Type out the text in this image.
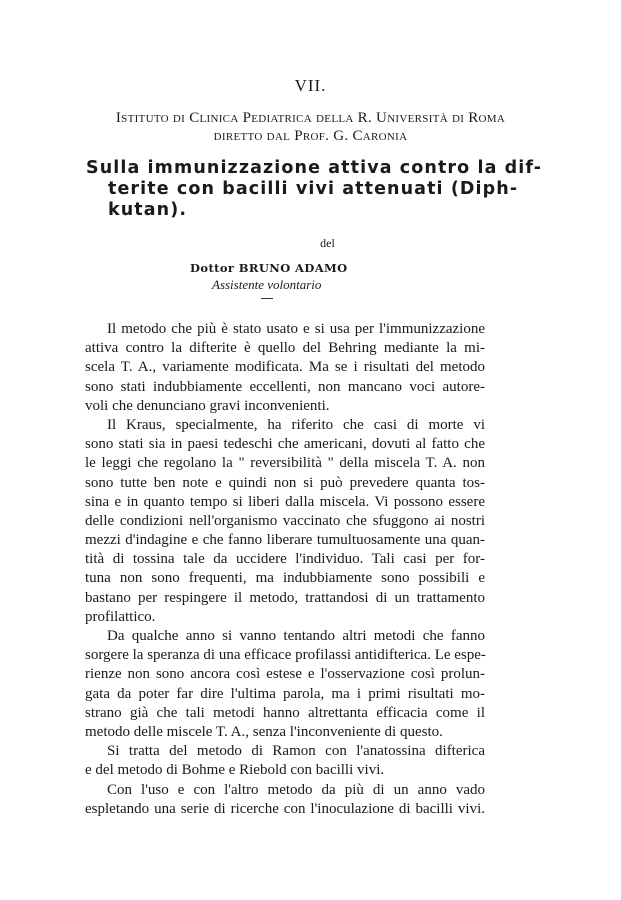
VII.
Istituto di Clinica Pediatrica della R. Università di Roma
diretto dal Prof. G. Caronia
Sulla immunizzazione attiva contro la dif-
terite con bacilli vivi attenuati (Diph-
kutan).
del
Dottor BRUNO ADAMO
Assistente volontario
Il metodo che più è stato usato e si usa per l'immunizzazione
attiva contro la difterite è quello del Behring mediante la mi-
scela T. A., variamente modificata. Ma se i risultati del metodo
sono stati indubbiamente eccellenti, non mancano voci autore-
voli che denunciano gravi inconvenienti.
Il Kraus, specialmente, ha riferito che casi di morte vi
sono stati sia in paesi tedeschi che americani, dovuti al fatto che
le leggi che regolano la " reversibilità " della miscela T. A. non
sono tutte ben note e quindi non si può prevedere quanta tos-
sina e in quanto tempo si liberi dalla miscela. Vi possono essere
delle condizioni nell'organismo vaccinato che sfuggono ai nostri
mezzi d'indagine e che fanno liberare tumultuosamente una quan-
tità di tossina tale da uccidere l'individuo. Tali casi per for-
tuna non sono frequenti, ma indubbiamente sono possibili e
bastano per respingere il metodo, trattandosi di un trattamento
profilattico.
Da qualche anno si vanno tentando altri metodi che fanno
sorgere la speranza di una efficace profilassi antidifterica. Le espe-
rienze non sono ancora così estese e l'osservazione così prolun-
gata da poter far dire l'ultima parola, ma i primi risultati mo-
strano già che tali metodi hanno altrettanta efficacia come il
metodo delle miscele T. A., senza l'inconveniente di questo.
Si tratta del metodo di Ramon con l'anatossina difterica
e del metodo di Bohme e Riebold con bacilli vivi.
Con l'uso e con l'altro metodo da più di un anno vado
espletando una serie di ricerche con l'inoculazione di bacilli vivi.
